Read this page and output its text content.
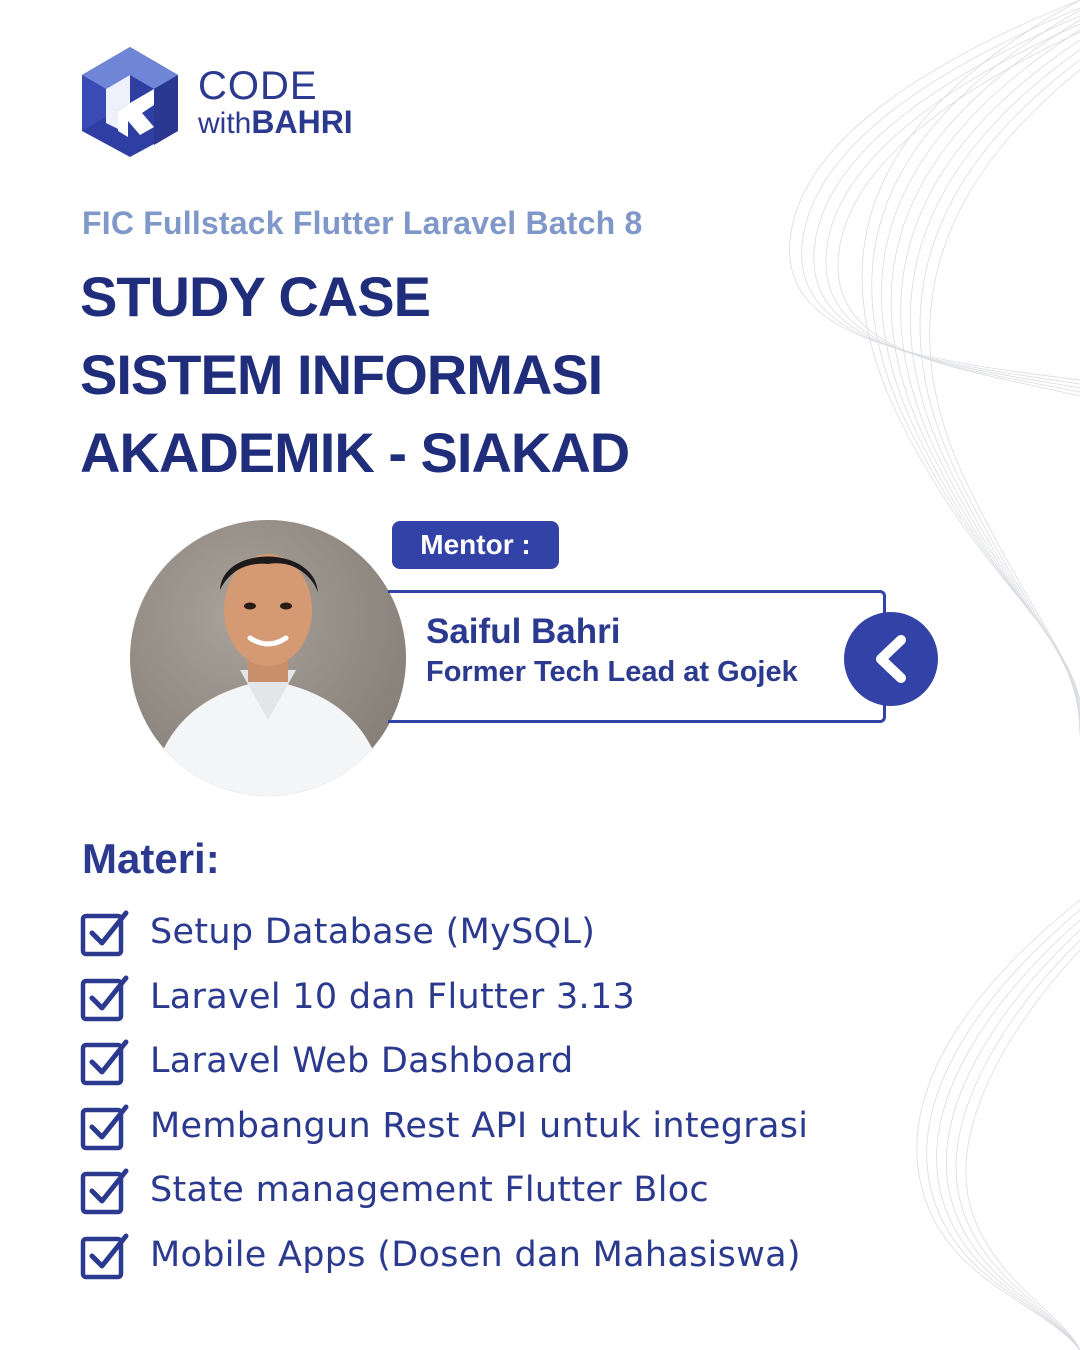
CODE
withBAHRI
FIC Fullstack Flutter Laravel Batch 8
STUDY CASE
SISTEM INFORMASI
AKADEMIK - SIAKAD
Mentor :
Saiful Bahri
Former Tech Lead at Gojek
Materi:
Setup Database (MySQL)
Laravel 10 dan Flutter 3.13
Laravel Web Dashboard
Membangun Rest API untuk integrasi
State management Flutter Bloc
Mobile Apps (Dosen dan Mahasiswa)
